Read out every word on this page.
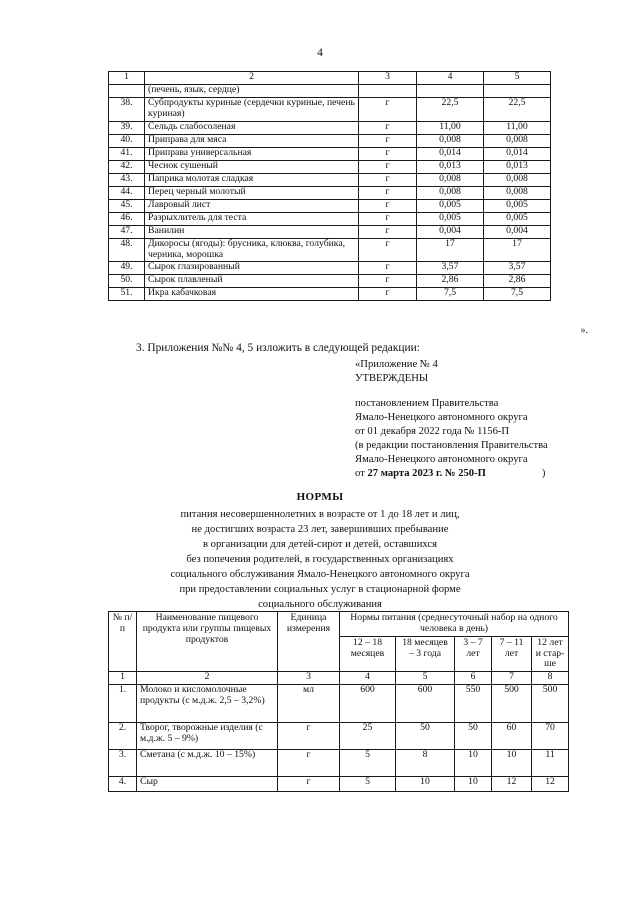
4
1	2	3	4	5
	(печень, язык, сердце)			
38.	Субпродукты куриные (сердечки куриные, печень куриная)	г	22,5	22,5
39.	Сельдь слабосоленая	г	11,00	11,00
40.	Приправа для мяса	г	0,008	0,008
41.	Приправа универсальная	г	0,014	0,014
42.	Чеснок сушеный	г	0,013	0,013
43.	Паприка молотая сладкая	г	0,008	0,008
44.	Перец черный молотый	г	0,008	0,008
45.	Лавровый лист	г	0,005	0,005
46.	Разрыхлитель для теста	г	0,005	0,005
47.	Ванилин	г	0,004	0,004
48.	Дикоросы (ягоды): брусника, клюква, голубика, черника, морошка	г	17	17
49.	Сырок глазированный	г	3,57	3,57
50.	Сырок плавленый	г	2,86	2,86
51.	Икра кабачковая	г	7,5	7,5
».
3. Приложения №№ 4, 5 изложить в следующей редакции:
«Приложение № 4
УТВЕРЖДЕНЫ
постановлением Правительства
Ямало-Ненецкого автономного округа
от 01 декабря 2022 года № 1156-П
(в редакции постановления Правительства
Ямало-Ненецкого автономного округа
от 27 марта 2023 г. № 250-П	)
НОРМЫ
питания несовершеннолетних в возрасте от 1 до 18 лет и лиц,
не достигших возраста 23 лет, завершивших пребывание
в организации для детей-сирот и детей, оставшихся
без попечения родителей, в государственных организациях
социального обслуживания Ямало-Ненецкого автономного округа
при предоставлении социальных услуг в стационарной форме
социального обслуживания
№ п/п	Наименование пищевого продукта или группы пищевых продуктов	Единица измерения	Нормы питания (среднесуточный набор на одного человека в день)				
			12 – 18 месяцев	18 месяцев – 3 года	3 – 7 лет	7 – 11 лет	12 лет и стар-ше
1	2	3	4	5	6	7	8
1.	Молоко и кисломолочные продукты (с м.д.ж. 2,5 – 3,2%)	мл	600	600	550	500	500
2.	Творог, творожные изделия (с м.д.ж. 5 – 9%)	г	25	50	50	60	70
3.	Сметана (с м.д.ж. 10 – 15%)	г	5	8	10	10	11
4.	Сыр	г	5	10	10	12	12
